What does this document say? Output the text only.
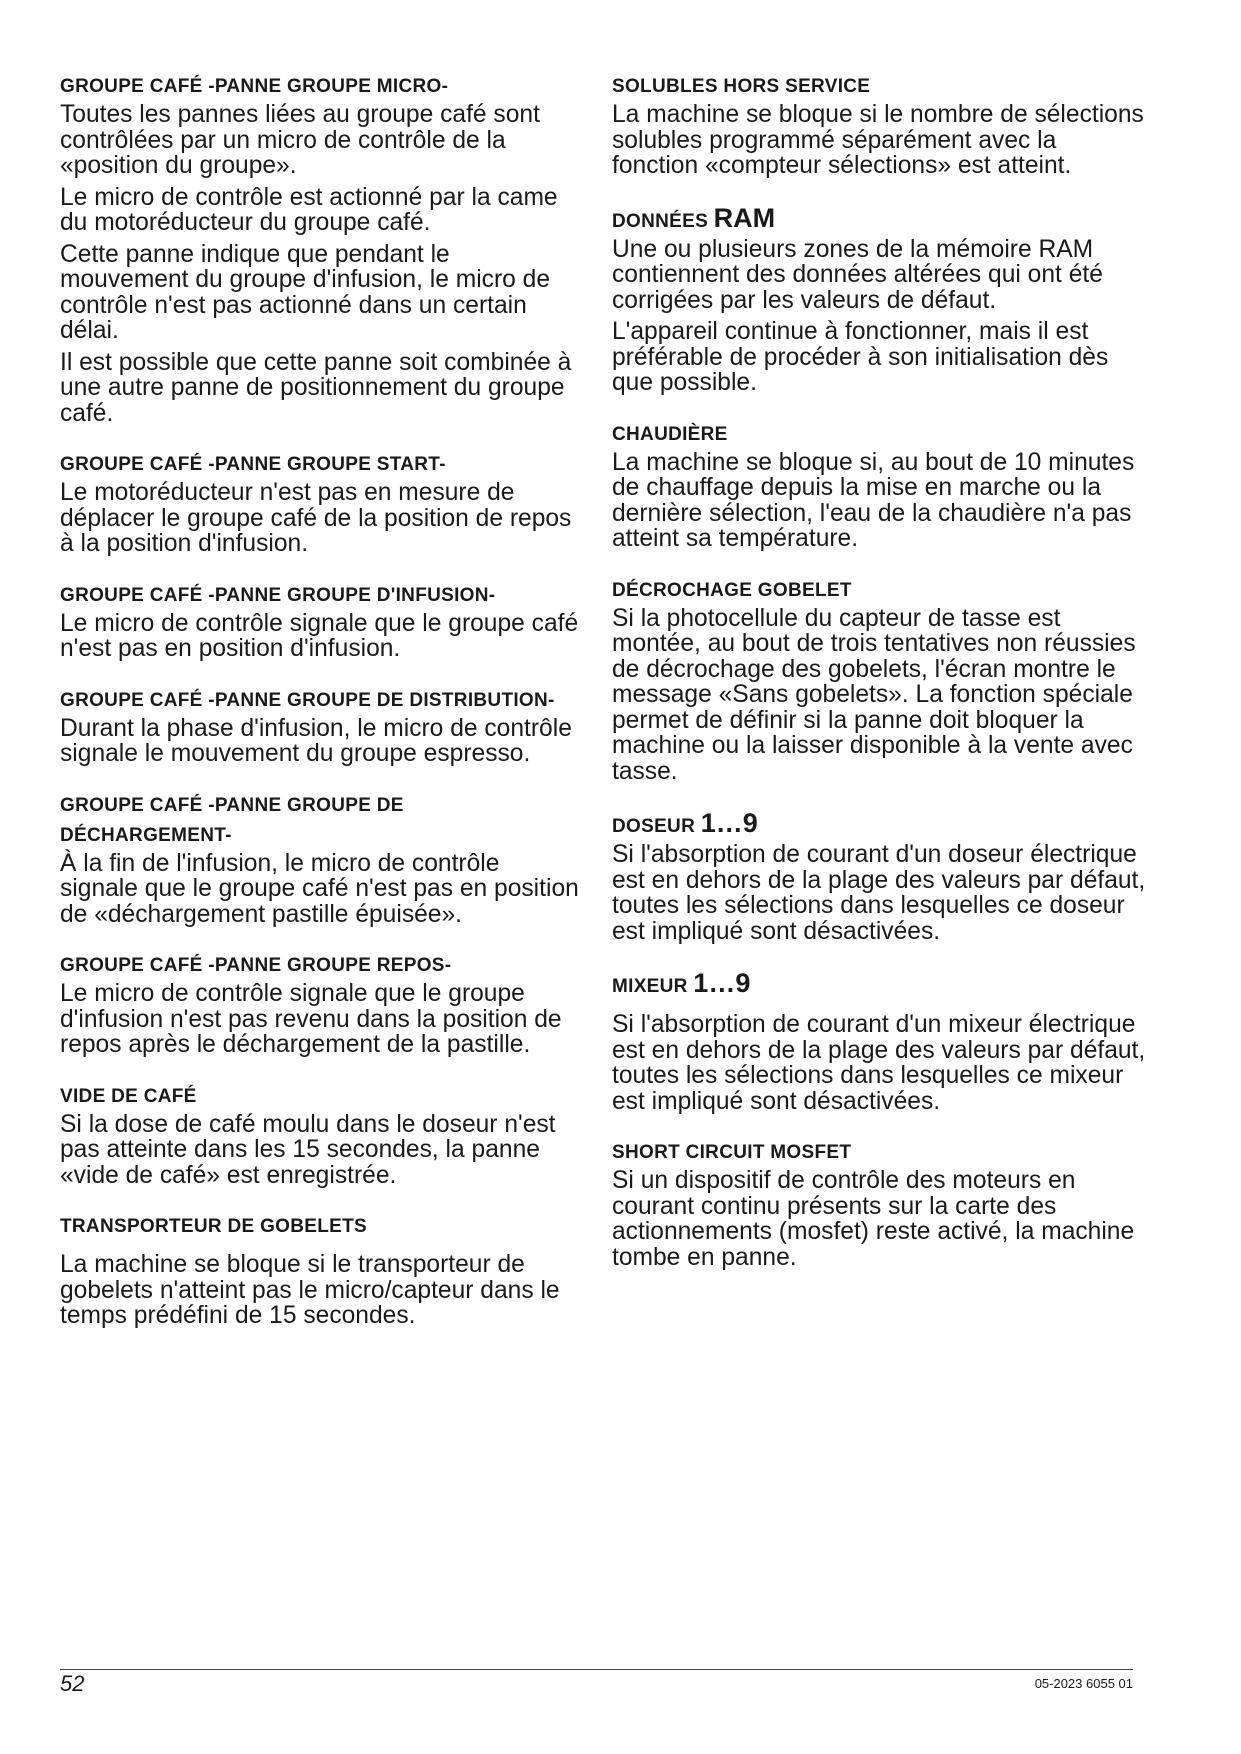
GROUPE CAFÉ -PANNE GROUPE MICRO-

Toutes les pannes liées au groupe café sont contrôlées par un micro de contrôle de la «position du groupe».

Le micro de contrôle est actionné par la came du motoréducteur du groupe café.

Cette panne indique que pendant le mouvement du groupe d'infusion, le micro de contrôle n'est pas actionné dans un certain délai.

Il est possible que cette panne soit combinée à une autre panne de positionnement du groupe café.

GROUPE CAFÉ -PANNE GROUPE START-

Le motoréducteur n'est pas en mesure de déplacer le groupe café de la position de repos à la position d'infusion.

GROUPE CAFÉ -PANNE GROUPE D'INFUSION-

Le micro de contrôle signale que le groupe café n'est pas en position d'infusion.

GROUPE CAFÉ -PANNE GROUPE DE DISTRIBUTION-

Durant la phase d'infusion, le micro de contrôle signale le mouvement du groupe espresso.

GROUPE CAFÉ -PANNE GROUPE DE DÉCHARGEMENT-

À la fin de l'infusion, le micro de contrôle signale que le groupe café n'est pas en position de «déchargement pastille épuisée».

GROUPE CAFÉ -PANNE GROUPE REPOS-

Le micro de contrôle signale que le groupe d'infusion n'est pas revenu dans la position de repos après le déchargement de la pastille.

VIDE DE CAFÉ

Si la dose de café moulu dans le doseur n'est pas atteinte dans les 15 secondes, la panne «vide de café» est enregistrée.

TRANSPORTEUR DE GOBELETS

La machine se bloque si le transporteur de gobelets n'atteint pas le micro/capteur dans le temps prédéfini de 15 secondes.

SOLUBLES HORS SERVICE

La machine se bloque si le nombre de sélections solubles programmé séparément avec la fonction «compteur sélections» est atteint.

DONNÉES RAM

Une ou plusieurs zones de la mémoire RAM contiennent des données altérées qui ont été corrigées par les valeurs de défaut.

L'appareil continue à fonctionner, mais il est préférable de procéder à son initialisation dès que possible.

CHAUDIÈRE

La machine se bloque si, au bout de 10 minutes de chauffage depuis la mise en marche ou la dernière sélection, l'eau de la chaudière n'a pas atteint sa température.

DÉCROCHAGE GOBELET

Si la photocellule du capteur de tasse est montée, au bout de trois tentatives non réussies de décrochage des gobelets, l'écran montre le message «Sans gobelets». La fonction spéciale permet de définir si la panne doit bloquer la machine ou la laisser disponible à la vente avec tasse.

DOSEUR 1…9

Si l'absorption de courant d'un doseur électrique est en dehors de la plage des valeurs par défaut, toutes les sélections dans lesquelles ce doseur est impliqué sont désactivées.

MIXEUR 1…9

Si l'absorption de courant d'un mixeur électrique est en dehors de la plage des valeurs par défaut, toutes les sélections dans lesquelles ce mixeur est impliqué sont désactivées.

SHORT CIRCUIT MOSFET

Si un dispositif de contrôle des moteurs en courant continu présents sur la carte des actionnements (mosfet) reste activé, la machine tombe en panne.

52	05-2023 6055 01
